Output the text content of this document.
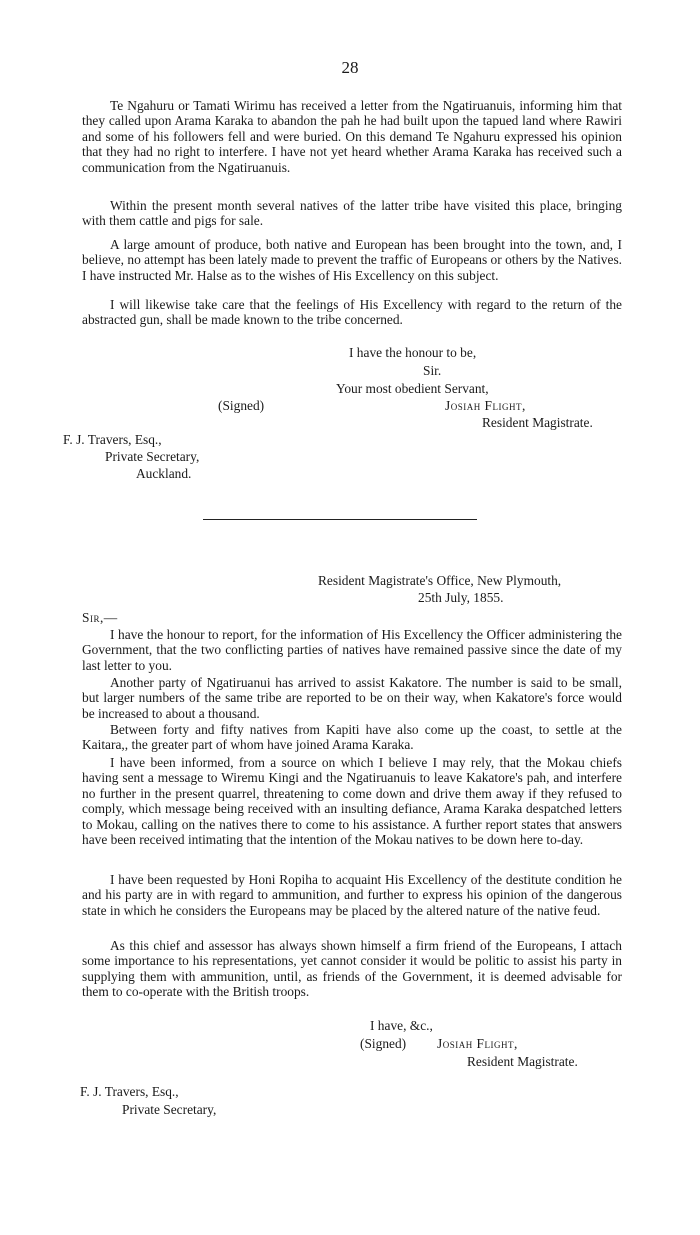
28

Te Ngahuru or Tamati Wirimu has received a letter from the Ngatiruanuis, informing him that they called upon Arama Karaka to abandon the pah he had built upon the tapued land where Rawiri and some of his followers fell and were buried. On this demand Te Ngahuru expressed his opinion that they had no right to interfere. I have not yet heard whether Arama Karaka has received such a communication from the Ngatiruanuis.

Within the present month several natives of the latter tribe have visited this place, bringing with them cattle and pigs for sale.

A large amount of produce, both native and European has been brought into the town, and, I believe, no attempt has been lately made to prevent the traffic of Europeans or others by the Natives. I have instructed Mr. Halse as to the wishes of His Excellency on this subject.

I will likewise take care that the feelings of His Excellency with regard to the return of the abstracted gun, shall be made known to the tribe concerned.

I have the honour to be,

Sir.

Your most obedient Servant,

(Signed)	Josiah Flight,

Resident Magistrate.

F. J. Travers, Esq.,

Private Secretary,

Auckland.

Resident Magistrate's Office, New Plymouth,

25th July, 1855.

Sir,—

I have the honour to report, for the information of His Excellency the Officer administering the Government, that the two conflicting parties of natives have remained passive since the date of my last letter to you.

Another party of Ngatiruanui has arrived to assist Kakatore. The number is said to be small, but larger numbers of the same tribe are reported to be on their way, when Kakatore's force would be increased to about a thousand.

Between forty and fifty natives from Kapiti have also come up the coast, to settle at the Kaitara,, the greater part of whom have joined Arama Karaka.

I have been informed, from a source on which I believe I may rely, that the Mokau chiefs having sent a message to Wiremu Kingi and the Ngatiruanuis to leave Kakatore's pah, and interfere no further in the present quarrel, threatening to come down and drive them away if they refused to comply, which message being received with an insulting defiance, Arama Karaka despatched letters to Mokau, calling on the natives there to come to his assistance. A further report states that answers have been received intimating that the intention of the Mokau natives to be down here to-day.

I have been requested by Honi Ropiha to acquaint His Excellency of the destitute condition he and his party are in with regard to ammunition, and further to express his opinion of the dangerous state in which he considers the Europeans may be placed by the altered nature of the native feud.

As this chief and assessor has always shown himself a firm friend of the Europeans, I attach some importance to his representations, yet cannot consider it would be politic to assist his party in supplying them with ammunition, until, as friends of the Government, it is deemed advisable for them to co-operate with the British troops.

I have, &c.,

(Signed) Josiah Flight,

Resident Magistrate.

F. J. Travers, Esq.,

Private Secretary,
